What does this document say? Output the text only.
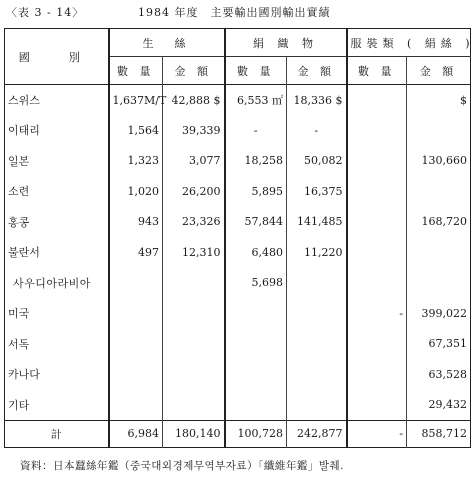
〈表 3 - 14〉	1984 年度　主要輸出國別輸出實績
國　別	生　絲		絹 織 物		服裝類 ( 絹絲 )	
	數 量	金 額	數 量	金 額	數 量	金 額
스위스	1,637M/T	42,888 $	6,553 ㎡	18,336 $		$
이태리	1,564	39,339	-	-		
일본	1,323	3,077	18,258	50,082		130,660
소련	1,020	26,200	5,895	16,375		
홍콩	943	23,326	57,844	141,485		168,720
불란서	497	12,310	6,480	11,220		
사우디아라비아			5,698			
미국					-	399,022
서독						67,351
카나다						63,528
기타						29,432
計	6,984	180,140	100,728	242,877	-	858,712
資料：日本蠶絲年鑑（중국대외경제무역부자료）「纖維年鑑」발췌.
